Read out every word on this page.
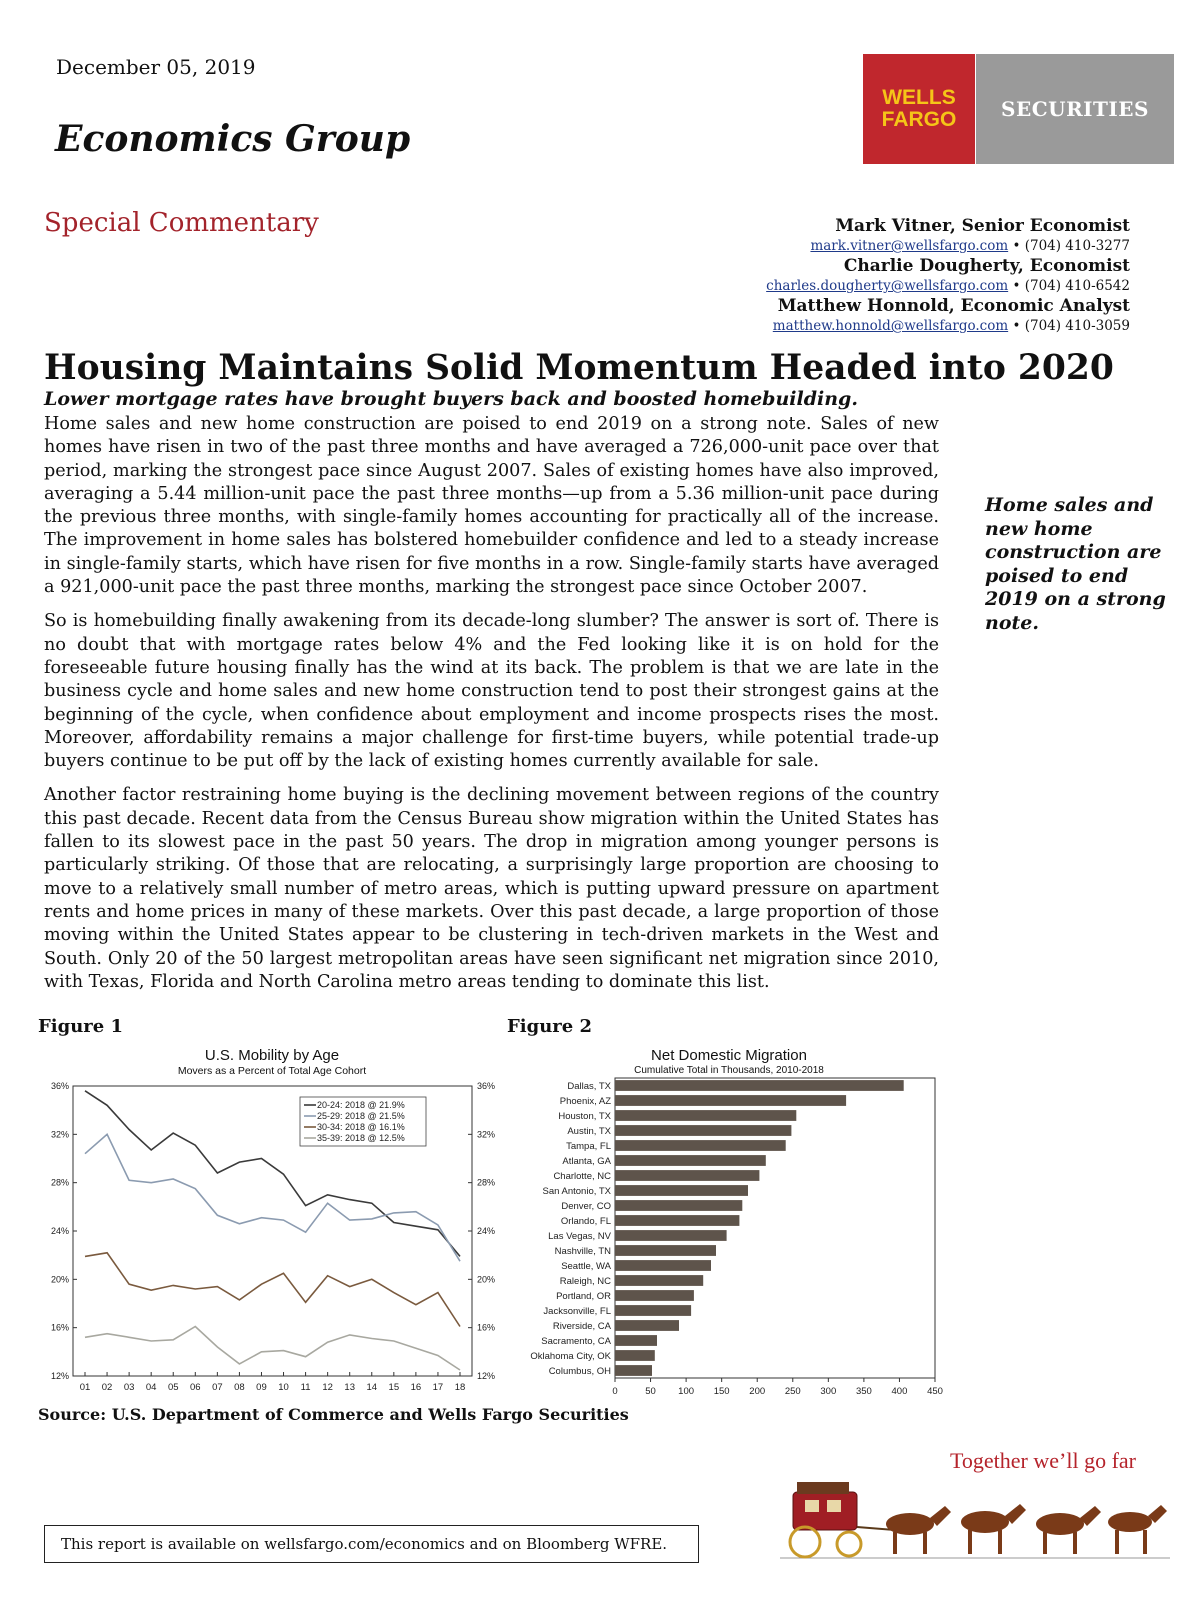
December 05, 2019
Economics Group
WELLS
FARGO	SECURITIES
Special Commentary	Mark Vitner, Senior Economist
mark.vitner@wellsfargo.com • (704) 410-3277
Charlie Dougherty, Economist
charles.dougherty@wellsfargo.com • (704) 410-6542
Matthew Honnold, Economic Analyst
matthew.honnold@wellsfargo.com • (704) 410-3059
Housing Maintains Solid Momentum Headed into 2020
Lower mortgage rates have brought buyers back and boosted homebuilding.

Home sales and new home construction are poised to end 2019 on a strong note. Sales of new homes have risen in two of the past three months and have averaged a 726,000-unit pace over that period, marking the strongest pace since August 2007. Sales of existing homes have also improved, averaging a 5.44 million-unit pace the past three months—up from a 5.36 million-unit pace during the previous three months, with single-family homes accounting for practically all of the increase. The improvement in home sales has bolstered homebuilder confidence and led to a steady increase in single-family starts, which have risen for five months in a row. Single-family starts have averaged a 921,000-unit pace the past three months, marking the strongest pace since October 2007.

So is homebuilding finally awakening from its decade-long slumber? The answer is sort of. There is no doubt that with mortgage rates below 4% and the Fed looking like it is on hold for the foreseeable future housing finally has the wind at its back. The problem is that we are late in the business cycle and home sales and new home construction tend to post their strongest gains at the beginning of the cycle, when confidence about employment and income prospects rises the most. Moreover, affordability remains a major challenge for first-time buyers, while potential trade-up buyers continue to be put off by the lack of existing homes currently available for sale.

Another factor restraining home buying is the declining movement between regions of the country this past decade. Recent data from the Census Bureau show migration within the United States has fallen to its slowest pace in the past 50 years. The drop in migration among younger persons is particularly striking. Of those that are relocating, a surprisingly large proportion are choosing to move to a relatively small number of metro areas, which is putting upward pressure on apartment rents and home prices in many of these markets. Over this past decade, a large proportion of those moving within the United States appear to be clustering in tech-driven markets in the West and South. Only 20 of the 50 largest metropolitan areas have seen significant net migration since 2010, with Texas, Florida and North Carolina metro areas tending to dominate this list.

Home sales and new home construction are poised to end 2019 on a strong note.
Figure 1	Figure 2
U.S. Mobility by Age
Movers as a Percent of Total Age Cohort
12%
16%
20%
24%
28%
32%
36%
12%
16%
20%
24%
28%
32%
36%
01 02 03 04 05 06 07 08 09 10 11 12 13 14 15 16 17 18
20-24: 2018 @ 21.9%
25-29: 2018 @ 21.5%
30-34: 2018 @ 16.1%
35-39: 2018 @ 12.5%
Net Domestic Migration
Cumulative Total in Thousands, 2010-2018
Dallas, TX
Phoenix, AZ
Houston, TX
Austin, TX
Tampa, FL
Atlanta, GA
Charlotte, NC
San Antonio, TX
Denver, CO
Orlando, FL
Las Vegas, NV
Nashville, TN
Seattle, WA
Raleigh, NC
Portland, OR
Jacksonville, FL
Riverside, CA
Sacramento, CA
Oklahoma City, OK
Columbus, OH
0	50 100 150 200 250 300 350 400 450
Source: U.S. Department of Commerce and Wells Fargo Securities
Together we’ll go far
This report is available on wellsfargo.com/economics and on Bloomberg WFRE.
